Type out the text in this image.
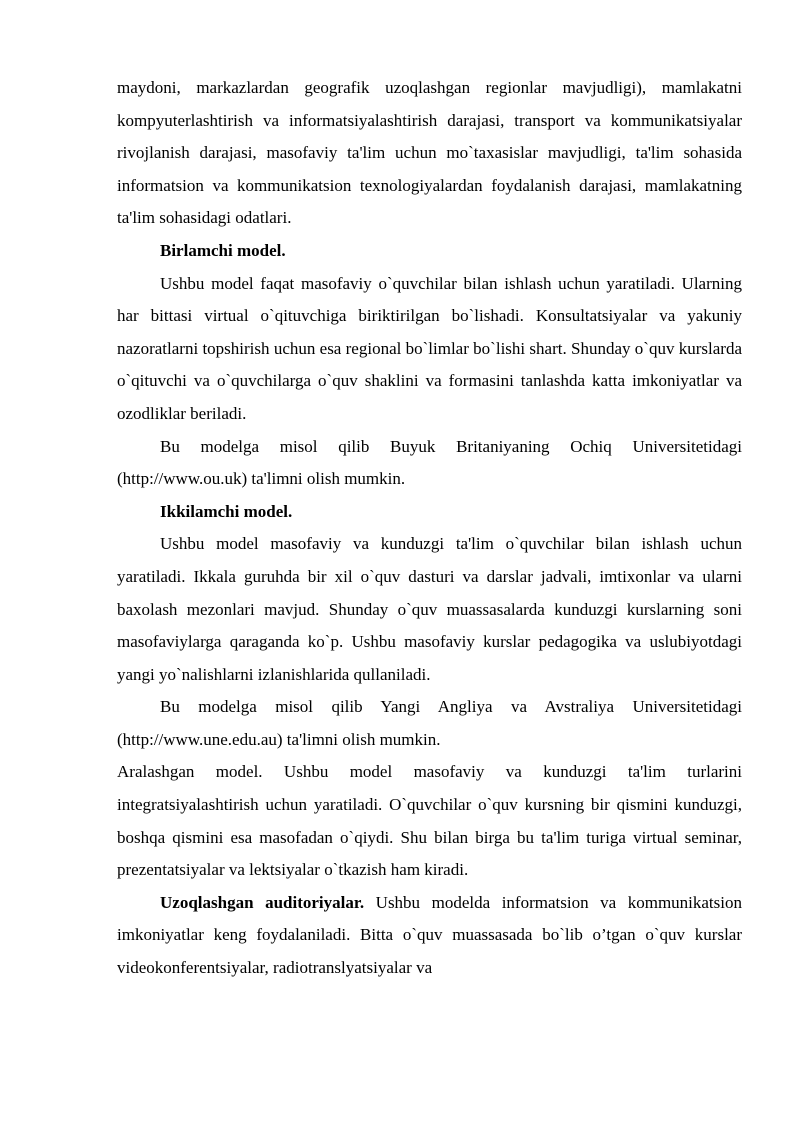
maydoni, markazlardan geografik uzoqlashgan regionlar mavjudligi), mamlakatni kompyuterlashtirish va informatsiyalashtirish darajasi, transport va kommunikatsiyalar rivojlanish darajasi, masofaviy ta'lim uchun mo`taxasislar mavjudligi, ta'lim sohasida informatsion va kommunikatsion texnologiyalardan foydalanish darajasi, mamlakatning ta'lim sohasidagi odatlari.

Birlamchi model.

Ushbu model faqat masofaviy o`quvchilar bilan ishlash uchun yaratiladi. Ularning har bittasi virtual o`qituvchiga biriktirilgan bo`lishadi. Konsultatsiyalar va yakuniy nazoratlarni topshirish uchun esa regional bo`limlar bo`lishi shart. Shunday o`quv kurslarda o`qituvchi va o`quvchilarga o`quv shaklini va formasini tanlashda katta imkoniyatlar va ozodliklar beriladi.

Bu modelga misol qilib Buyuk Britaniyaning Ochiq Universitetidagi (http://www.ou.uk) ta'limni olish mumkin.

Ikkilamchi model.

Ushbu model masofaviy va kunduzgi ta'lim o`quvchilar bilan ishlash uchun yaratiladi. Ikkala guruhda bir xil o`quv dasturi va darslar jadvali, imtixonlar va ularni baxolash mezonlari mavjud. Shunday o`quv muassasalarda kunduzgi kurslarning soni masofaviylarga qaraganda ko`p. Ushbu masofaviy kurslar pedagogika va uslubiyotdagi yangi yo`nalishlarni izlanishlarida qullaniladi.

Bu modelga misol qilib Yangi Angliya va Avstraliya Universitetidagi (http://www.une.edu.au) ta'limni olish mumkin.

Aralashgan model. Ushbu model masofaviy va kunduzgi ta'lim turlarini integratsiyalashtirish uchun yaratiladi. O`quvchilar o`quv kursning bir qismini kunduzgi, boshqa qismini esa masofadan o`qiydi. Shu bilan birga bu ta'lim turiga virtual seminar, prezentatsiyalar va lektsiyalar o`tkazish ham kiradi.

Uzoqlashgan auditoriyalar. Ushbu modelda informatsion va kommunikatsion imkoniyatlar keng foydalaniladi. Bitta o`quv muassasada bo`lib o’tgan o`quv kurslar videokonferentsiyalar, radiotranslyatsiyalar va
